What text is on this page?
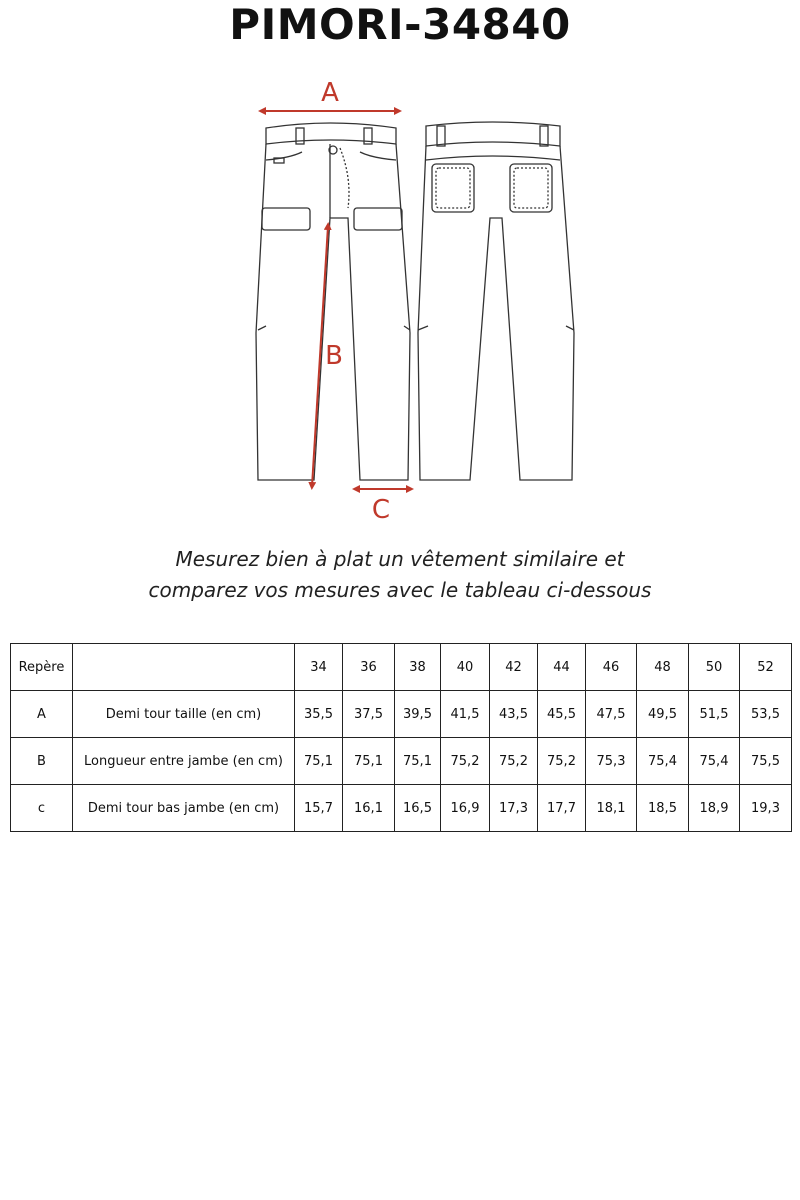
PIMORI-34840
A
B
C
Mesurez bien à plat un vêtement similaire et
comparez vos mesures avec le tableau ci-dessous
Repère		34	36	38	40	42	44	46	48	50	52
A	Demi tour taille (en cm)	35,5	37,5	39,5	41,5	43,5	45,5	47,5	49,5	51,5	53,5
B	Longueur entre jambe (en cm)	75,1	75,1	75,1	75,2	75,2	75,2	75,3	75,4	75,4	75,5
c	Demi tour bas jambe (en cm)	15,7	16,1	16,5	16,9	17,3	17,7	18,1	18,5	18,9	19,3
